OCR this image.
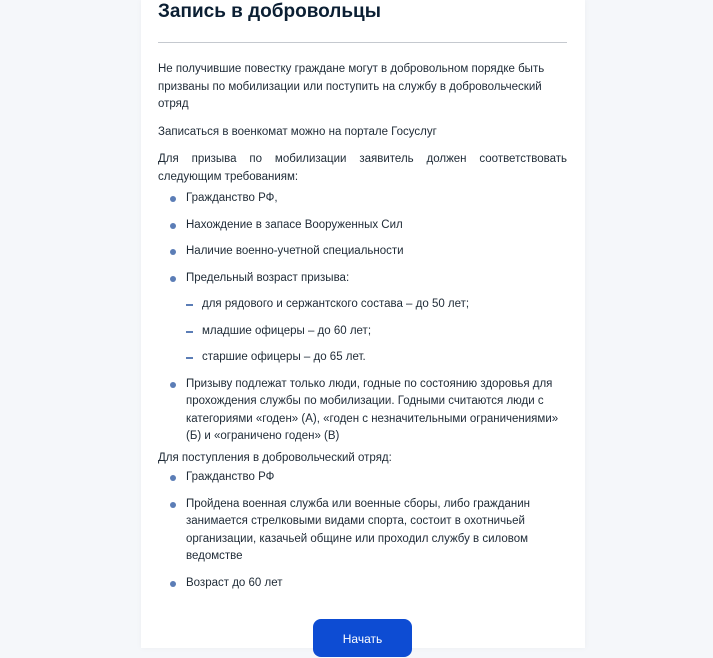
Запись в добровольцы

Не получившие повестку граждане могут в добровольном порядке быть призваны по мобилизации или поступить на службу в добровольческий отряд

Записаться в военкомат можно на портале Госуслуг

Для призыва по мобилизации заявитель должен соответствовать следующим требованиям:

Гражданство РФ,
Нахождение в запасе Вооруженных Сил
Наличие военно-учетной специальности
Предельный возраст призыва:
для рядового и сержантского состава – до 50 лет;
младшие офицеры – до 60 лет;
старшие офицеры – до 65 лет.
Призыву подлежат только люди, годные по состоянию здоровья для прохождения службы по мобилизации. Годными считаются люди с категориями «годен» (А), «годен с незначительными ограничениями» (Б) и «ограничено годен» (В)

Для поступления в добровольческий отряд:

Гражданство РФ
Пройдена военная служба или военные сборы, либо гражданин занимается стрелковыми видами спорта, состоит в охотничьей организации, казачьей общине или проходил службу в силовом ведомстве
Возраст до 60 лет
Начать
